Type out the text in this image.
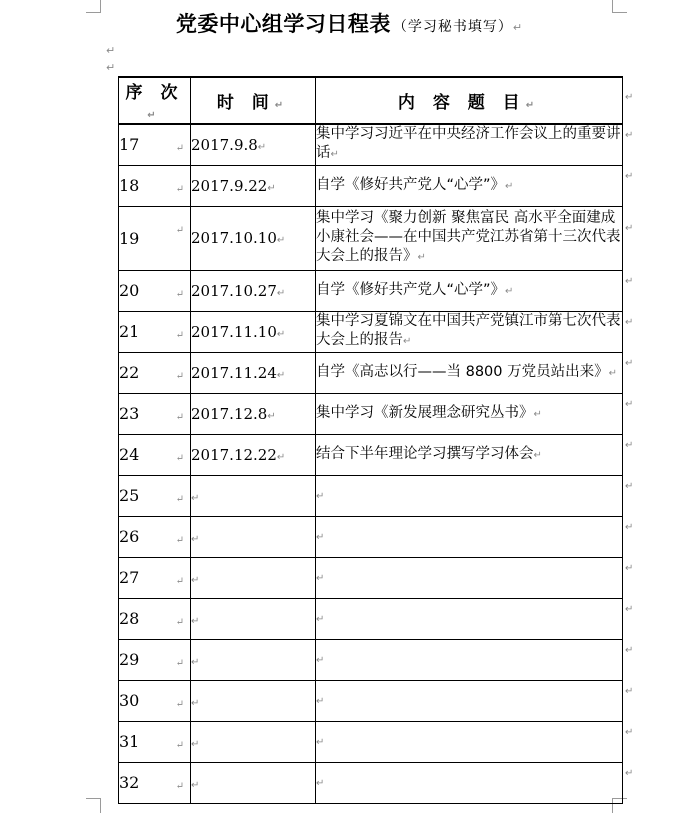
党委中心组学习日程表 （学习秘书填写）↵
↵
↵
序 次↵	时 间↵	内 容 题 目↵
17 ↵	2017.9.8↵	集中学习习近平在中央经济工作会议上的重要讲话↵
18 ↵	2017.9.22↵	自学《修好共产党人“心学”》↵
19 ↵	2017.10.10↵	集中学习《聚力创新 聚焦富民 高水平全面建成小康社会——在中国共产党江苏省第十三次代表大会上的报告》↵
20 ↵	2017.10.27↵	自学《修好共产党人“心学”》↵
21 ↵	2017.11.10↵	集中学习夏锦文在中国共产党镇江市第七次代表大会上的报告↵
22 ↵	2017.11.24↵	自学《高志以行——当 8800 万党员站出来》↵
23 ↵	2017.12.8↵	集中学习《新发展理念研究丛书》↵
24 ↵	2017.12.22↵	结合下半年理论学习撰写学习体会↵
25 ↵	↵	↵
26 ↵	↵	↵
27 ↵	↵	↵
28 ↵	↵	↵
29 ↵	↵	↵
30 ↵	↵	↵
31 ↵	↵	↵
32 ↵	↵	↵
↵
↵
↵
↵
↵
↵
↵
↵
↵
↵
↵
↵
↵
↵
↵
↵
↵
